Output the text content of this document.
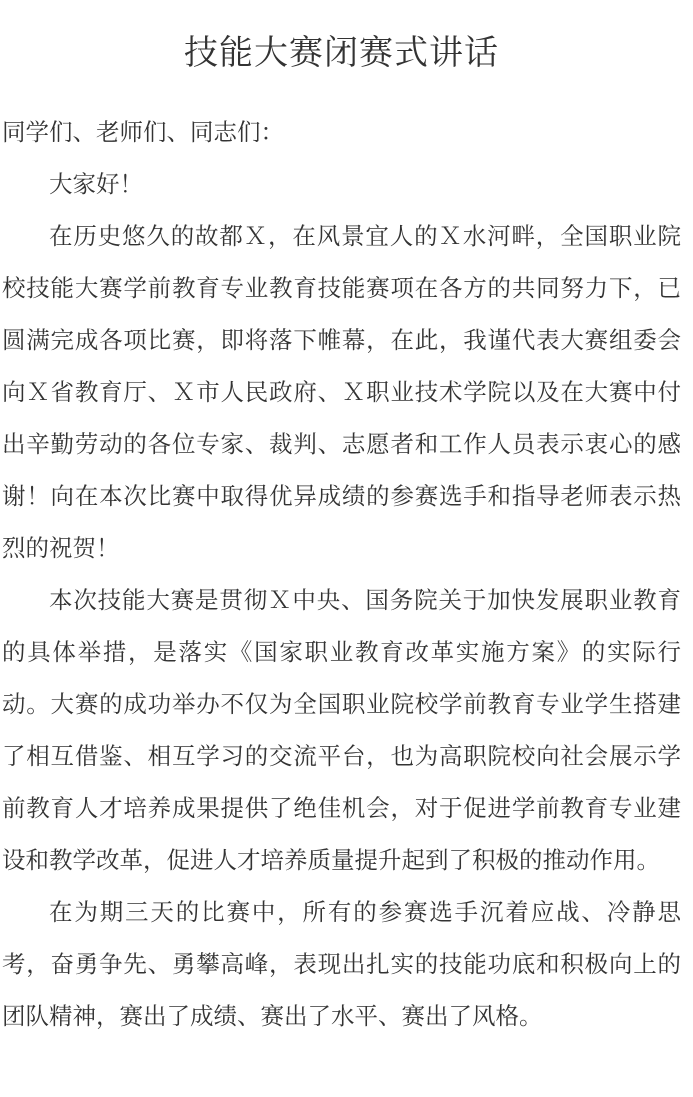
技能大赛闭赛式讲话

同学们、老师们、同志们：

大家好！

在历史悠久的故都Ｘ，在风景宜人的Ｘ水河畔，全国职业院校技能大赛学前教育专业教育技能赛项在各方的共同努力下，已圆满完成各项比赛，即将落下帷幕，在此，我谨代表大赛组委会向Ｘ省教育厅、Ｘ市人民政府、Ｘ职业技术学院以及在大赛中付出辛勤劳动的各位专家、裁判、志愿者和工作人员表示衷心的感谢！向在本次比赛中取得优异成绩的参赛选手和指导老师表示热烈的祝贺！

本次技能大赛是贯彻Ｘ中央、国务院关于加快发展职业教育的具体举措，是落实《国家职业教育改革实施方案》的实际行动。大赛的成功举办不仅为全国职业院校学前教育专业学生搭建了相互借鉴、相互学习的交流平台，也为高职院校向社会展示学前教育人才培养成果提供了绝佳机会，对于促进学前教育专业建设和教学改革，促进人才培养质量提升起到了积极的推动作用。

在为期三天的比赛中，所有的参赛选手沉着应战、冷静思考，奋勇争先、勇攀高峰，表现出扎实的技能功底和积极向上的团队精神，赛出了成绩、赛出了水平、赛出了风格。
